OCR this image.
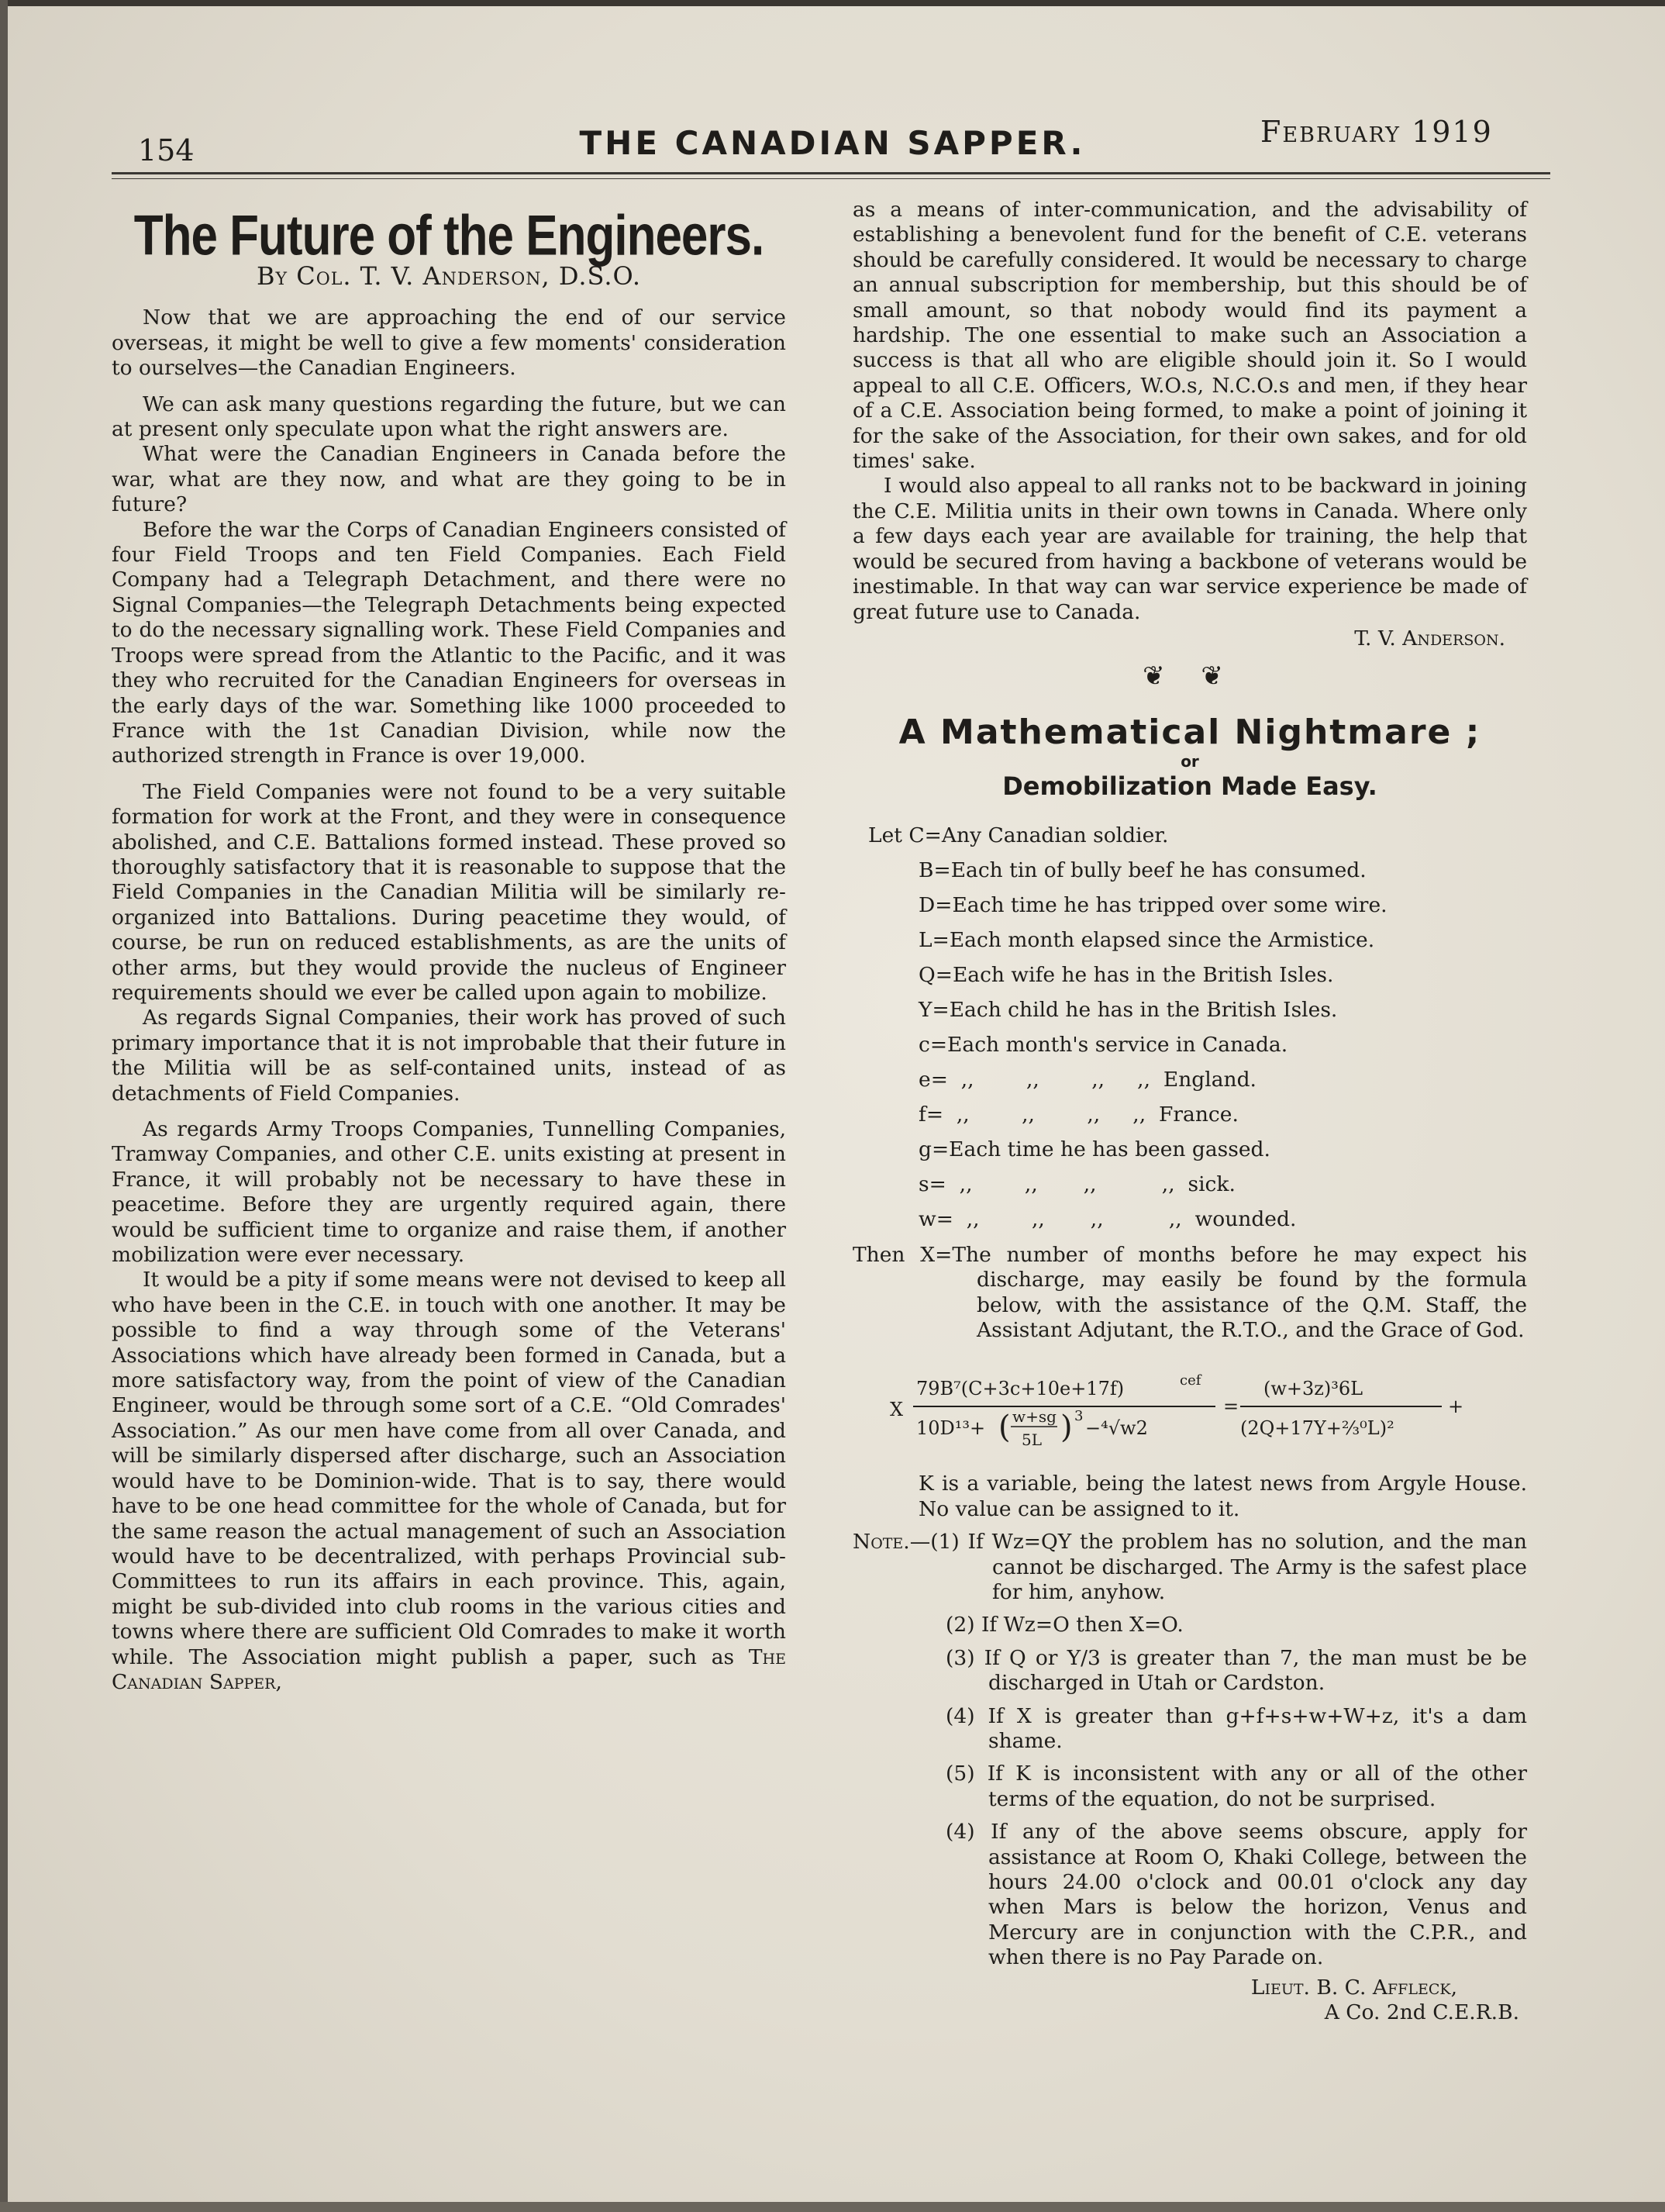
154	THE CANADIAN SAPPER.	February 1919

The Future of the Engineers.

By Col. T. V. Anderson, D.S.O.

Now that we are approaching the end of our service overseas, it might be well to give a few moments' consideration to ourselves—the Canadian Engineers.

We can ask many questions regarding the future, but we can at present only speculate upon what the right answers are.

What were the Canadian Engineers in Canada before the war, what are they now, and what are they going to be in future?

Before the war the Corps of Canadian Engineers consisted of four Field Troops and ten Field Companies. Each Field Company had a Telegraph Detachment, and there were no Signal Companies—the Telegraph Detachments being expected to do the necessary signalling work. These Field Companies and Troops were spread from the Atlantic to the Pacific, and it was they who recruited for the Canadian Engineers for overseas in the early days of the war. Something like 1000 proceeded to France with the 1st Canadian Division, while now the authorized strength in France is over 19,000.

The Field Companies were not found to be a very suitable formation for work at the Front, and they were in consequence abolished, and C.E. Battalions formed instead. These proved so thoroughly satisfactory that it is reasonable to suppose that the Field Companies in the Canadian Militia will be similarly re-organized into Battalions. During peacetime they would, of course, be run on reduced establishments, as are the units of other arms, but they would provide the nucleus of Engineer requirements should we ever be called upon again to mobilize.

As regards Signal Companies, their work has proved of such primary importance that it is not improbable that their future in the Militia will be as self-contained units, instead of as detachments of Field Companies.

As regards Army Troops Companies, Tunnelling Companies, Tramway Companies, and other C.E. units existing at present in France, it will probably not be necessary to have these in peacetime. Before they are urgently required again, there would be sufficient time to organize and raise them, if another mobilization were ever necessary.

It would be a pity if some means were not devised to keep all who have been in the C.E. in touch with one another. It may be possible to find a way through some of the Veterans' Associations which have already been formed in Canada, but a more satisfactory way, from the point of view of the Canadian Engineer, would be through some sort of a C.E. “Old Comrades' Association.” As our men have come from all over Canada, and will be similarly dispersed after discharge, such an Association would have to be Dominion-wide. That is to say, there would have to be one head committee for the whole of Canada, but for the same reason the actual management of such an Association would have to be decentralized, with perhaps Provincial sub-Committees to run its affairs in each province. This, again, might be sub-divided into club rooms in the various cities and towns where there are sufficient Old Comrades to make it worth while. The Association might publish a paper, such as The Canadian Sapper,

as a means of inter-communication, and the advisability of establishing a benevolent fund for the benefit of C.E. veterans should be carefully considered. It would be necessary to charge an annual subscription for membership, but this should be of small amount, so that nobody would find its payment a hardship. The one essential to make such an Association a success is that all who are eligible should join it. So I would appeal to all C.E. Officers, W.O.s, N.C.O.s and men, if they hear of a C.E. Association being formed, to make a point of joining it for the sake of the Association, for their own sakes, and for old times' sake.

I would also appeal to all ranks not to be backward in joining the C.E. Militia units in their own towns in Canada. Where only a few days each year are available for training, the help that would be secured from having a backbone of veterans would be inestimable. In that way can war service experience be made of great future use to Canada.

T. V. Anderson.

❦ ❦

A Mathematical Nightmare ;

or

Demobilization Made Easy.

Let C=Any Canadian soldier.

B=Each tin of bully beef he has consumed.

D=Each time he has tripped over some wire.

L=Each month elapsed since the Armistice.

Q=Each wife he has in the British Isles.

Y=Each child he has in the British Isles.

c=Each month's service in Canada.

e=  ,,        ,,        ,,     ,,  England.

f=  ,,        ,,        ,,     ,,  France.

g=Each time he has been gassed.

s=  ,,        ,,       ,,          ,,  sick.

w=  ,,        ,,       ,,          ,,  wounded.

Then X=The number of months before he may expect his discharge, may easily be found by the formula below, with the assistance of the Q.M. Staff, the Assistant Adjutant, the R.T.O., and the Grace of God.

X
79B⁷(C+3c+10e+17f)	cef
10D¹³+ ( w+sg
5L ) 3
−⁴√w2
=
(w+3z)³6L
(2Q+17Y+²⁄₃⁰L)²
+

K is a variable, being the latest news from Argyle House. No value can be assigned to it.

Note.—(1) If Wz=QY the problem has no solution, and the man cannot be discharged. The Army is the safest place for him, anyhow.

(2) If Wz=O then X=O.

(3) If Q or Y/3 is greater than 7, the man must be be discharged in Utah or Cardston.

(4) If X is greater than g+f+s+w+W+z, it's a dam shame.

(5) If K is inconsistent with any or all of the other terms of the equation, do not be surprised.

(4) If any of the above seems obscure, apply for assistance at Room O, Khaki College, between the hours 24.00 o'clock and 00.01 o'clock any day when Mars is below the horizon, Venus and Mercury are in conjunction with the C.P.R., and when there is no Pay Parade on.

Lieut. B. C. Affleck,

A Co. 2nd C.E.R.B.
